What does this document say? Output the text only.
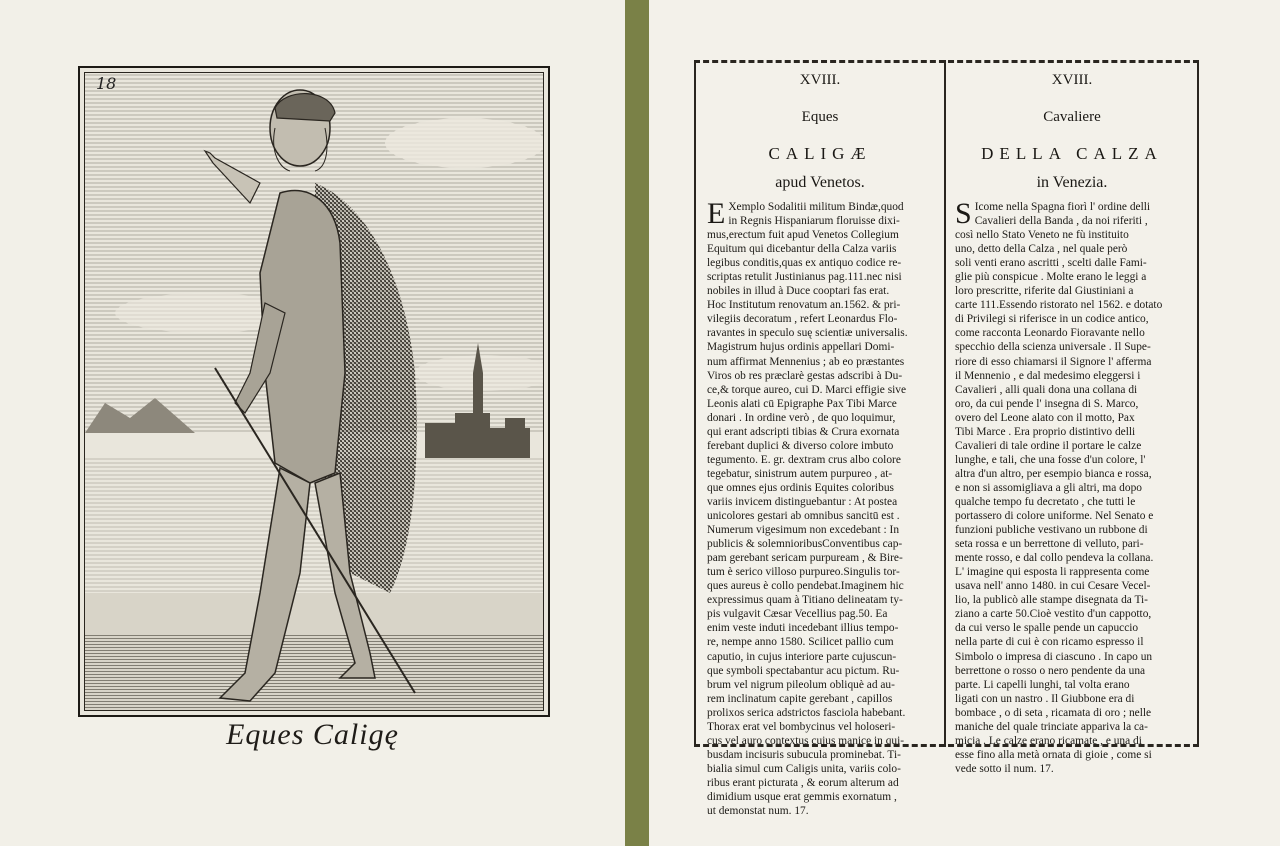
18
Eques Caligę
XVIII.
Eques
CALIGÆ
apud Venetos.
XVIII.
Cavaliere
DELLA CALZA
in Venezia.
E Xemplo Sodalitii militum Bindæ,quod
in Regnis Hispaniarum floruisse dixi-
mus,erectum fuit apud Venetos Collegium
Equitum qui dicebantur della Calza variis
legibus conditis,quas ex antiquo codice re-
scriptas retulit Justinianus pag.111.nec nisi
nobiles in illud à Duce cooptari fas erat.
Hoc Institutum renovatum an.1562. & pri-
vilegiis decoratum , refert Leonardus Flo-
ravantes in speculo suę scientiæ universalis.
Magistrum hujus ordinis appellari Domi-
num affirmat Mennenius ; ab eo præstantes
Viros ob res præclarè gestas adscribi à Du-
ce,& torque aureo, cui D. Marci effigie sive
Leonis alati cū Epigraphe Pax Tibi Marce
donari . In ordine verò , de quo loquimur,
qui erant adscripti tibias & Crura exornata
ferebant duplici & diverso colore imbuto
tegumento. E. gr. dextram crus albo colore
tegebatur, sinistrum autem purpureo , at-
que omnes ejus ordinis Equites coloribus
variis invicem distinguebantur : At postea
unicolores gestari ab omnibus sancitū est .
Numerum vigesimum non excedebant : In
publicis & solemnioribusConventibus cap-
pam gerebant sericam purpuream , & Bire-
tum è serico villoso purpureo.Singulis tor-
ques aureus è collo pendebat.Imaginem hic
expressimus quam à Titiano delineatam ty-
pis vulgavit Cæsar Vecellius pag.50. Ea
enim veste induti incedebant illius tempo-
re, nempe anno 1580. Scilicet pallio cum
caputio, in cujus interiore parte cujuscun-
que symboli spectabantur acu pictum. Ru-
brum vel nigrum pileolum obliquè ad au-
rem inclinatum capite gerebant , capillos
prolixos serica adstrictos fasciola habebant.
Thorax erat vel bombycinus vel holoseri-
cus vel auro contextus cujus manicę in qui-
busdam incisuris subucula prominebat. Ti-
bialia simul cum Caligis unita, variis colo-
ribus erant picturata , & eorum alterum ad
dimidium usque erat gemmis exornatum ,
ut demonstat num. 17.
S Icome nella Spagna fiorì l' ordine delli
Cavalieri della Banda , da noi riferiti ,
così nello Stato Veneto ne fù instituito
uno, detto della Calza , nel quale però
soli venti erano ascritti , scelti dalle Fami-
glie più conspicue . Molte erano le leggi a
loro prescritte, riferite dal Giustiniani a
carte 111.Essendo ristorato nel 1562. e dotato
di Privilegi si riferisce in un codice antico,
come racconta Leonardo Fioravante nello
specchio della scienza universale . Il Supe-
riore di esso chiamarsi il Signore l' afferma
il Mennenio , e dal medesimo eleggersi i
Cavalieri , alli quali dona una collana di
oro, da cui pende l' insegna di S. Marco,
overo del Leone alato con il motto, Pax
Tibi Marce . Era proprio distintivo delli
Cavalieri di tale ordine il portare le calze
lunghe, e tali, che una fosse d'un colore, l'
altra d'un altro, per esempio bianca e rossa,
e non si assomigliava a gli altri, ma dopo
qualche tempo fu decretato , che tutti le
portassero di colore uniforme. Nel Senato e
funzioni publiche vestivano un rubbone di
seta rossa e un berrettone di velluto, pari-
mente rosso, e dal collo pendeva la collana.
L' imagine qui esposta li rappresenta come
usava nell' anno 1480. in cui Cesare Vecel-
lio, la publicò alle stampe disegnata da Ti-
ziano a carte 50.Cioè vestito d'un cappotto,
da cui verso le spalle pende un capuccio
nella parte di cui è con ricamo espresso il
Simbolo o impresa di ciascuno . In capo un
berrettone o rosso o nero pendente da una
parte. Li capelli lunghi, tal volta erano
ligati con un nastro . Il Giubbone era di
bombace , o di seta , ricamata di oro ; nelle
maniche del quale trinciate appariva la ca-
micia . Le calze erano ricamate , e una di
esse fino alla metà ornata di gioie , come si
vede sotto il num. 17.
